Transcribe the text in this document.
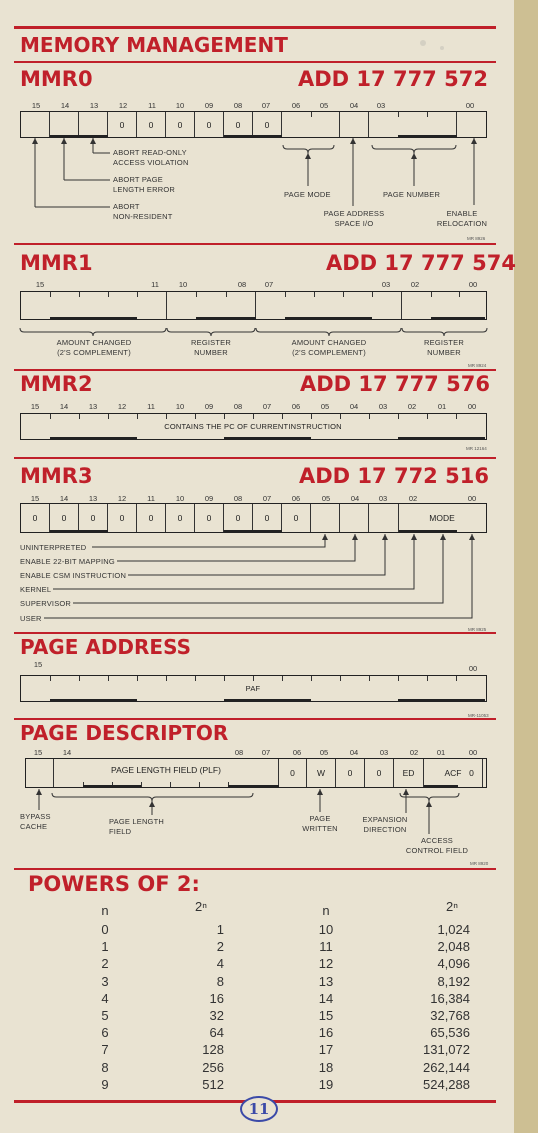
MEMORY MANAGEMENT
MMR0	ADD 17 777 572
15	14	13	12	11	10	09	08	07	06	05	04	03	00
0	0	0	0	0	0
ABORT READ-ONLY
ACCESS VIOLATION
ABORT PAGE
LENGTH ERROR
ABORT
NON-RESIDENT
PAGE MODE	PAGE NUMBER
PAGE ADDRESS
SPACE I/O
ENABLE
RELOCATION
MR 8926
MMR1	ADD 17 777 574
15	11	10	08	07	03	02	00
AMOUNT CHANGED
(2'S COMPLEMENT)
REGISTER
NUMBER
AMOUNT CHANGED
(2'S COMPLEMENT)
REGISTER
NUMBER
MR 8924
MMR2	ADD 17 777 576
15	14	13	12	11	10	09	08	07	06	05	04	03	02	01	00
CONTAINS THE PC OF CURRENTINSTRUCTION
MR 12164
MMR3	ADD 17 772 516
15	14	13	12	11	10	09	08	07	06	05	04	03	02	00
0	0	0	0	0	0	0	0	0	0	MODE
UNINTERPRETED
ENABLE 22-BIT MAPPING
ENABLE CSM INSTRUCTION
KERNEL
SUPERVISOR
USER
MR 8925
PAGE ADDRESS
15	00
PAF
MR-11053
PAGE DESCRIPTOR
15	14	08	07	06	05	04	03	02	01	00
PAGE LENGTH FIELD (PLF)	0	W	0	0	ED	ACF 0
BYPASS
CACHE	PAGE LENGTH
FIELD
PAGE
WRITTEN
EXPANSION
DIRECTION
ACCESS
CONTROL FIELD
MR 8920
POWERS OF 2:
n	2ⁿ	n	2ⁿ
0	1	10	1,024
1	2	11	2,048
2	4	12	4,096
3	8	13	8,192
4	16	14	16,384
5	32	15	32,768
6	64	16	65,536
7	128	17	131,072
8	256	18	262,144
9	512	19	524,288
11
